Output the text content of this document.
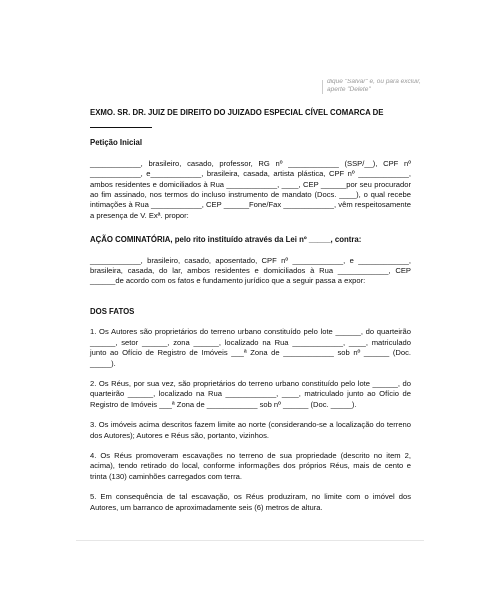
dique "Salvar" e, ou para excluir,
aperte "Delete"
EXMO. SR. DR. JUIZ DE DIREITO DO JUIZADO ESPECIAL CÍVEL COMARCA DE
Petição Inicial

____________, brasileiro, casado, professor, RG nº ____________ (SSP/__), CPF nº ____________, e____________, brasileira, casada, artista plástica, CPF nº ____________, ambos residentes e domiciliados à Rua ____________, ____, CEP ______por seu procurador ao fim assinado, nos termos do incluso instrumento de mandato (Docs. ____), o qual recebe intimações à Rua ____________, CEP ______Fone/Fax ____________, vêm respeitosamente a presença de V. Exª. propor:

AÇÃO COMINATÓRIA, pelo rito instituído através da Lei nº _____, contra:

____________, brasileiro, casado, aposentado, CPF nº ____________, e ____________, brasileira, casada, do lar, ambos residentes e domiciliados à Rua ____________, CEP ______de acordo com os fatos e fundamento jurídico que a seguir passa a expor:

DOS FATOS

1. Os Autores são proprietários do terreno urbano constituído pelo lote ______, do quarteirão ______, setor ______, zona ______, localizado na Rua ____________, ____, matriculado junto ao Ofício de Registro de Imóveis ___ª Zona de ____________ sob nº ______ (Doc. _____).

2. Os Réus, por sua vez, são proprietários do terreno urbano constituído pelo lote ______, do quarteirão ______, localizado na Rua ____________, ____, matriculado junto ao Ofício de Registro de Imóveis ___ª Zona de ____________ sob nº ______ (Doc. _____).

3. Os imóveis acima descritos fazem limite ao norte (considerando-se a localização do terreno dos Autores); Autores e Réus são, portanto, vizinhos.

4. Os Réus promoveram escavações no terreno de sua propriedade (descrito no item 2, acima), tendo retirado do local, conforme informações dos próprios Réus, mais de cento e trinta (130) caminhões carregados com terra.

5. Em consequência de tal escavação, os Réus produziram, no limite com o imóvel dos Autores, um barranco de aproximadamente seis (6) metros de altura.
